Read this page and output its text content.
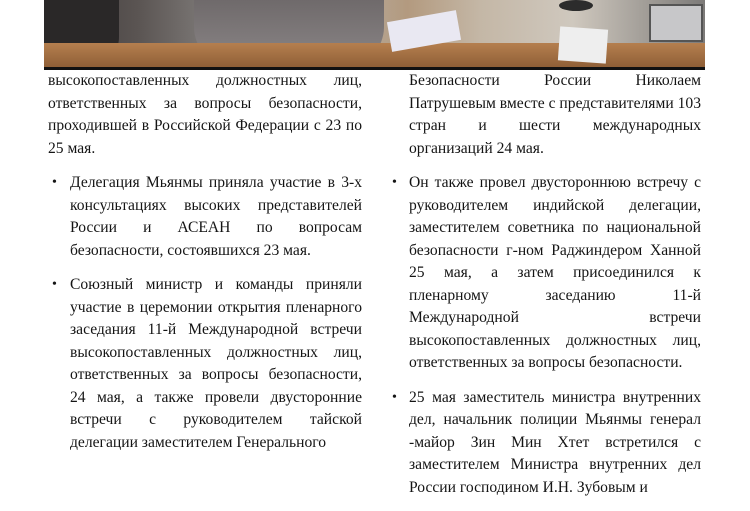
высокопоставленных должностных лиц, ответственных за вопросы безопасности, проходившей в Российской Федерации с 23 по 25 мая.

• Делегация Мьянмы приняла участие в 3-х консультациях высоких представителей России и АСЕАН по вопросам безопасности, состоявшихся 23 мая.
• Союзный министр и команды приняли участие в церемонии открытия пленарного заседания 11-й Международной встречи высокопоставленных должностных лиц, ответственных за вопросы безопасности, 24 мая, а также провели двусторонние встречи с руководителем тайской делегации заместителем Генерального

Безопасности России Николаем Патрушевым вместе с представителями 103 стран и шести международных организаций 24 мая.

• Он также провел двустороннюю встречу с руководителем индийской делегации, заместителем советника по национальной безопасности г-ном Раджиндером Ханной 25 мая, а затем присоединился к пленарному заседанию 11-й Международной встречи высокопоставленных должностных лиц, ответственных за вопросы безопасности.
• 25 мая заместитель министра внутренних дел, начальник полиции Мьянмы генерал -майор Зин Мин Хтет встретился с заместителем Министра внутренних дел России господином И.Н. Зубовым и
